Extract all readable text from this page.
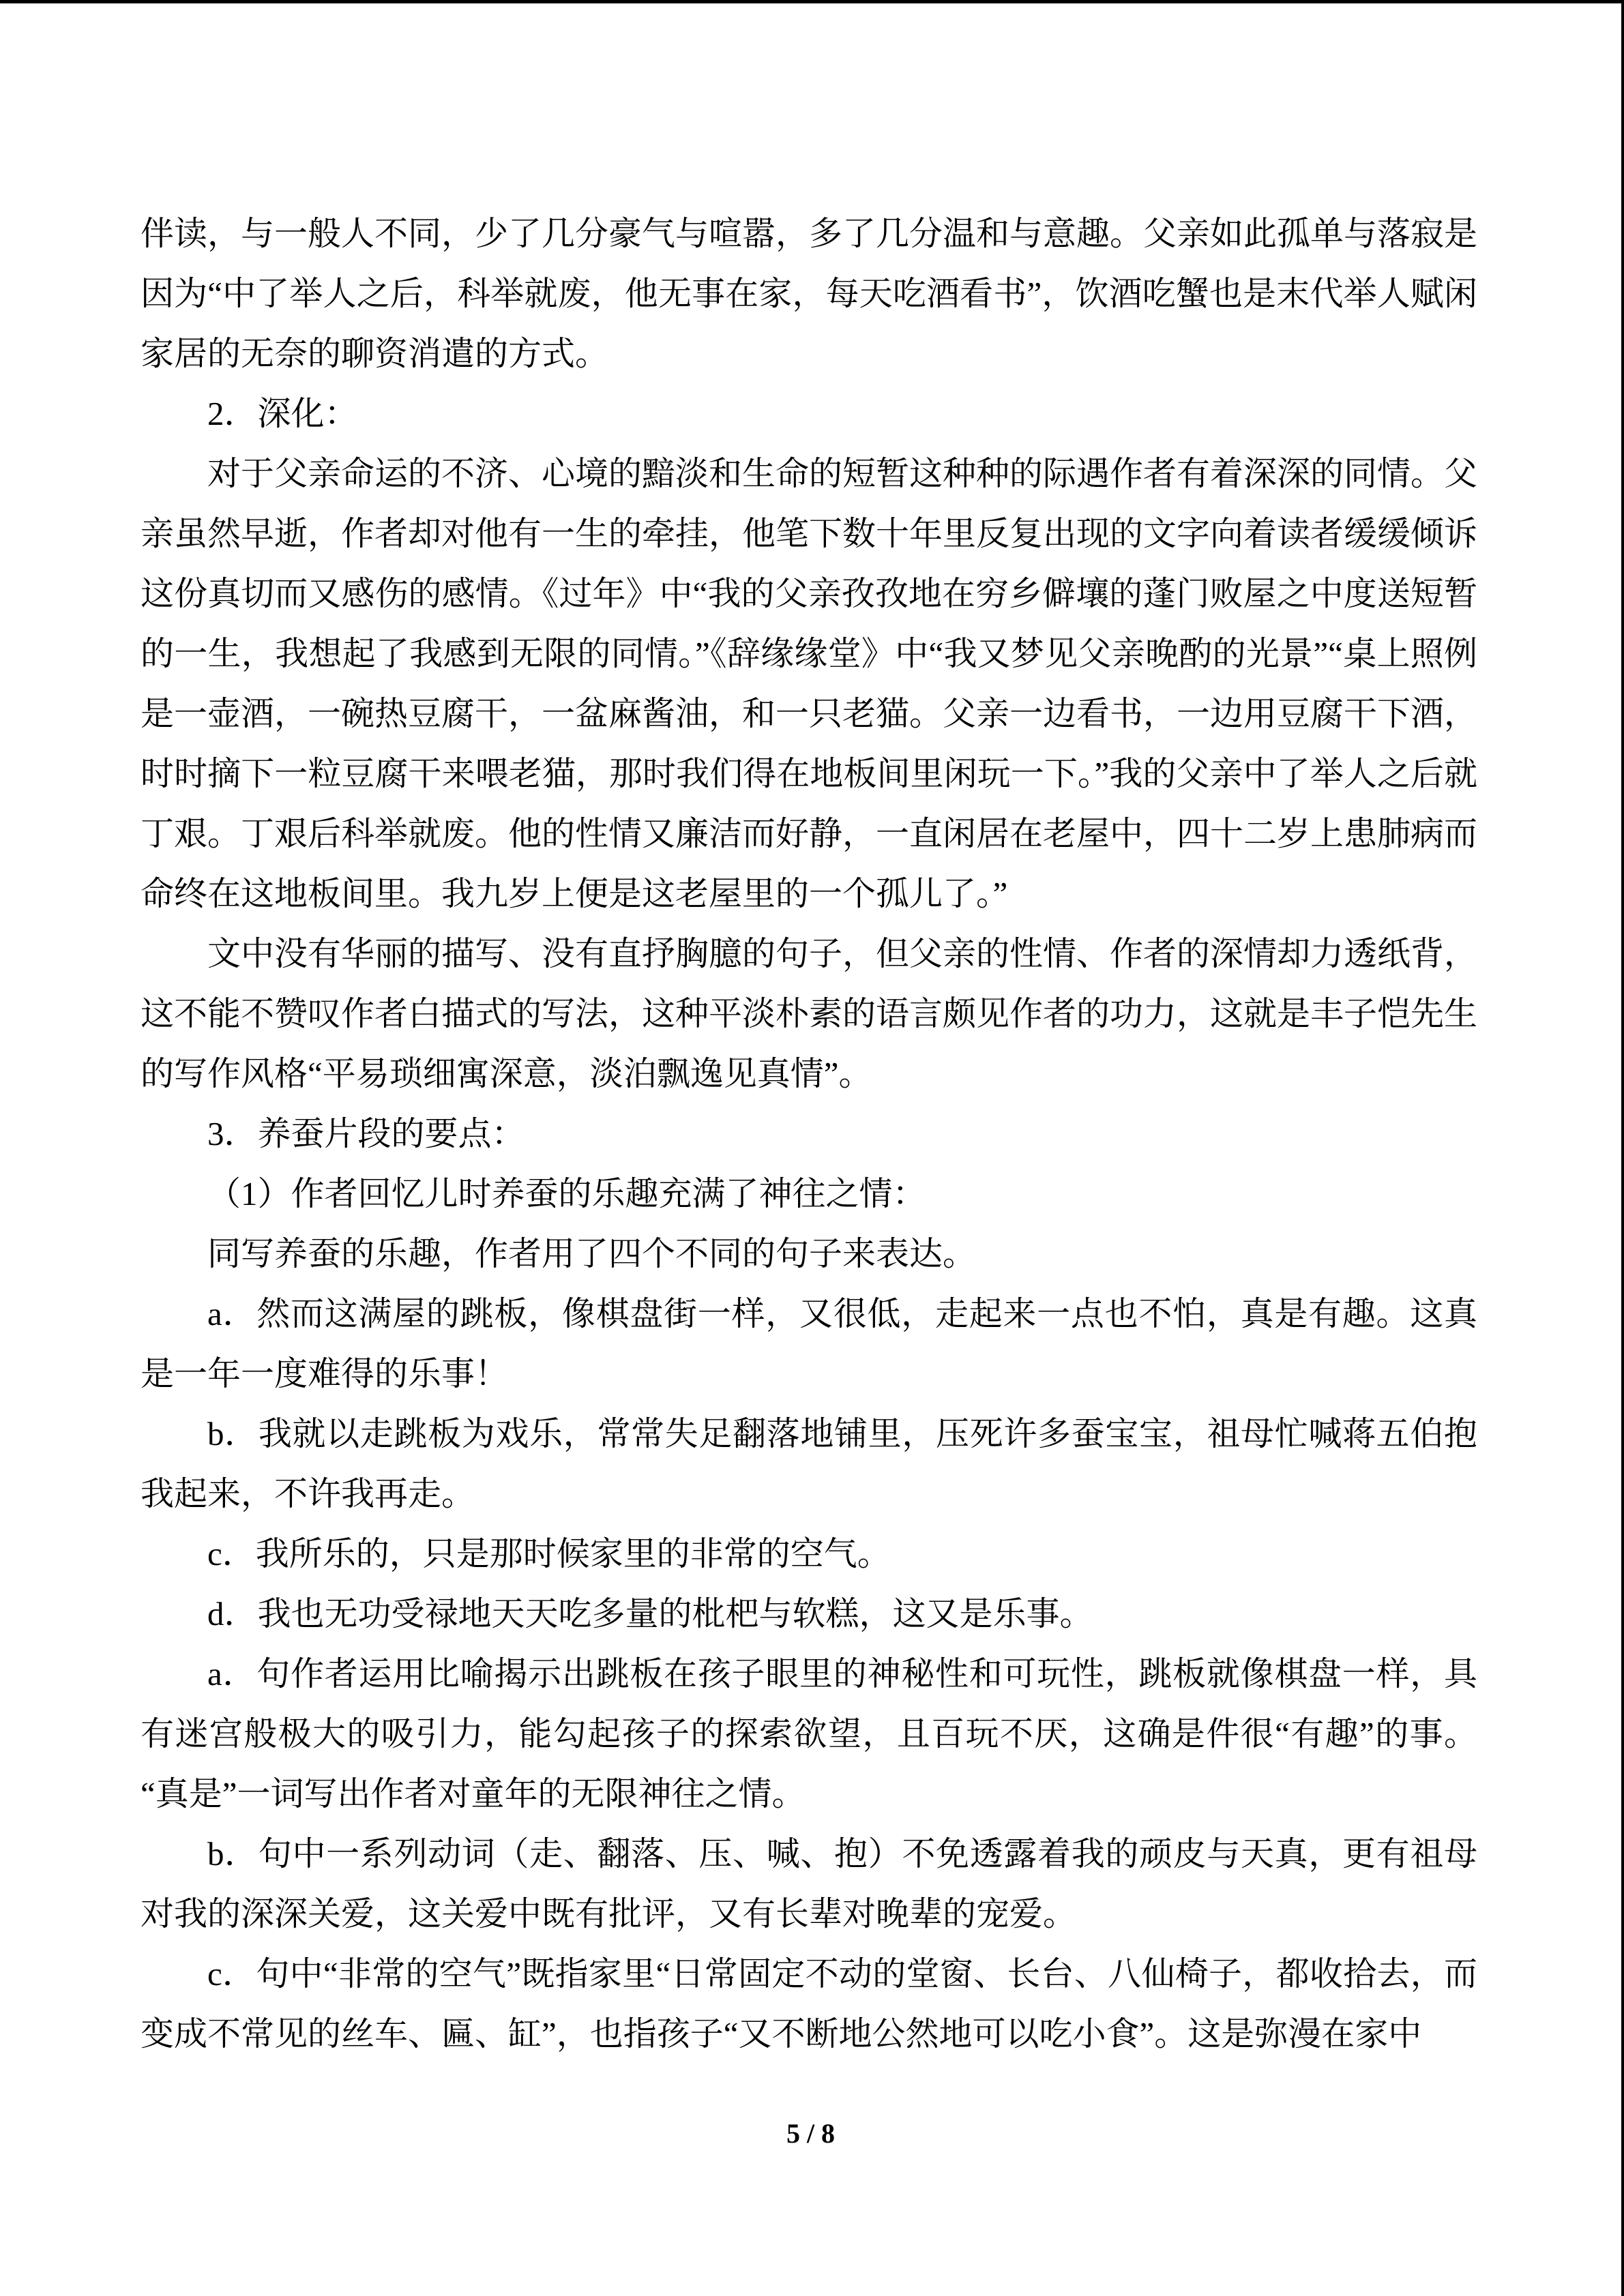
伴读，与一般人不同，少了几分豪气与喧嚣，多了几分温和与意趣。父亲如此孤单与落寂是因为“中了举人之后，科举就废，他无事在家，每天吃酒看书”，饮酒吃蟹也是末代举人赋闲家居的无奈的聊资消遣的方式。

2．深化：

对于父亲命运的不济、心境的黯淡和生命的短暂这种种的际遇作者有着深深的同情。父亲虽然早逝，作者却对他有一生的牵挂，他笔下数十年里反复出现的文字向着读者缓缓倾诉这份真切而又感伤的感情。《过年》中“我的父亲孜孜地在穷乡僻壤的蓬门败屋之中度送短暂的一生，我想起了我感到无限的同情。”《辞缘缘堂》中“我又梦见父亲晚酌的光景”“桌上照例是一壶酒，一碗热豆腐干，一盆麻酱油，和一只老猫。父亲一边看书，一边用豆腐干下酒，时时摘下一粒豆腐干来喂老猫，那时我们得在地板间里闲玩一下。”我的父亲中了举人之后就丁艰。丁艰后科举就废。他的性情又廉洁而好静，一直闲居在老屋中，四十二岁上患肺病而命终在这地板间里。我九岁上便是这老屋里的一个孤儿了。”

文中没有华丽的描写、没有直抒胸臆的句子，但父亲的性情、作者的深情却力透纸背，这不能不赞叹作者白描式的写法，这种平淡朴素的语言颇见作者的功力，这就是丰子恺先生的写作风格“平易琐细寓深意，淡泊飘逸见真情”。

3．养蚕片段的要点：

（1）作者回忆儿时养蚕的乐趣充满了神往之情：

同写养蚕的乐趣，作者用了四个不同的句子来表达。

a．然而这满屋的跳板，像棋盘街一样，又很低，走起来一点也不怕，真是有趣。这真是一年一度难得的乐事！

b．我就以走跳板为戏乐，常常失足翻落地铺里，压死许多蚕宝宝，祖母忙喊蒋五伯抱我起来，不许我再走。

c．我所乐的，只是那时候家里的非常的空气。

d．我也无功受禄地天天吃多量的枇杷与软糕，这又是乐事。

a．句作者运用比喻揭示出跳板在孩子眼里的神秘性和可玩性，跳板就像棋盘一样，具有迷宫般极大的吸引力，能勾起孩子的探索欲望，且百玩不厌，这确是件很“有趣”的事。“真是”一词写出作者对童年的无限神往之情。

b．句中一系列动词（走、翻落、压、喊、抱）不免透露着我的顽皮与天真，更有祖母对我的深深关爱，这关爱中既有批评，又有长辈对晚辈的宠爱。

c．句中“非常的空气”既指家里“日常固定不动的堂窗、长台、八仙椅子，都收拾去，而变成不常见的丝车、匾、缸”，也指孩子“又不断地公然地可以吃小食”。这是弥漫在家中

5 / 8
